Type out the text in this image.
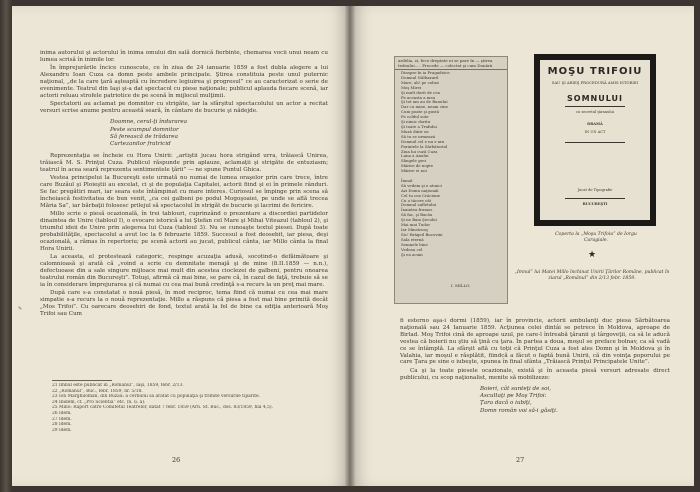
inima autorului şi actorului în inima omului din sală dornică fierbinte, chemarea vocii unui neam cu lumea scrisă în inimile lor.

În împrejurările încice cunoscute, ce în ziua de 24 ianuarie 1859 a fost dubla alegere a lui Alexandru Ioan Cuza ca domn peste ambele principate. Ştirea constituia peste unul puternic naţional, „de la care ţară aşteaptă cu încredere legiuirea şi progresul” ce au caracterizat o serie de evenimente. Teatrul din Iaşi şi-a dat spectacol cu piese naţionale; publicul aplauda fiecare scenă, iar actorii reluau strofele patriotice de pe scenă în mijlocul mulţimii.

Spectatorii au aclamat pe domnitor cu strigăte, iar la sfârşitul spectacolului un actor a recitat versuri scrise anume pentru această seară, în cântare de bucurie şi nădejde.

Doamne, cerul-ţi îndurarea
Peste scumpul domnitor
Să ferească de trădarea
Curtezanilor fratricid

Reprezentaţia se încheie cu Hora Unirii: „artiştii jucau hora strigând urra, trăiască Unirea, trăiască M. S. Prinţul Cuza. Publicul răspunde prin aplauze, aclamaţii şi strigăte de entuziasm; teatrul în acea seară reprezenta sentimentele ţării” — ne spune Puntul Ghica.

Vestea principelui la Bucureşti este urmată nu numai de lumea oraşelor prin care trece, între care Buzăul şi Ploieştii au excelat, ci şi de populaţia Capitalei, actorii fiind şi ei în primele rânduri. Se fac pregătiri mari, iar seara este întâmpinat cu mare interes. Curiosul se împinge prin scena să încheiască festivitatea de bun venit, „ca cei galbeni pe podul Mogoşoaiei, pe unde se află trecea Măria Sa”, iar bărbaţii folosesc prilejul să spectacolul în strigăt de bucurie şi lacrimi de fericire.

Millo scrie o piesă ocazională, în trei tablouri, cuprinzând o prezentare a discordiei partidelor dinaintea de Unire (tabloul I), o evocare istorică a lui Ştefan cel Mare şi Mihai Viteazul (tabloul 2), şi triumful ideii de Unire prin alegerea lui Cuza (tabloul 3). Nu se cunoaşte textul piesei. După toate probabilităţile, spectacolul a avut loc la 6 februarie 1859. Succesul a fost deosebit, iar piesa, deşi ocazională, a rămas în repertoriu; pe scenă actorii au jucat, publicul cânta, iar Millo cânta la final Hora Unirii.

La aceasta, el protestează categoric, respinge acuzaţia adusă, socotind-o defăimătoare şi calomnioasă şi arată că „voind a scrie cu demnitate menajă şi de mine (8.II.1859 — n.n.), defectuoase din a sale singure mijloace mai mult din acestea cioclezei de galbeni, pentru onoarea teatrului român din Bucureşti”. Totuşi, afirmă că mai bine, se pare că, în cazul de faţă, trebuie să se ia în considerare împrejurarea şi că numai cu cea mai bună credinţă s-a recurs la un preţ mai mare.

După care s-a constatat o nouă piesă, în mod reciproc, tema fiind că numai cu cea mai mare simpatie s-a recurs la o nouă reprezentaţie. Millo a răspuns că piesa a fost mai bine primită decât „Mos Trifoi”. Cu oarecare deosebiri de fond, textul arată la fel de bine ca ediţia anterioară Moş Trifoi sau Cum

21 Imnul este publicat în „Românul”, Iaşi, 1859, febr. 2/13.
22 „Românul”, Buc., febr. 1859, nr. 5/18.
23 Ion Marghiloman, din Buzău: a cerbului să arătat cu populaţia şi trimite versurile tipărite.
24 Ibidem, cf. „Pro Scientia” etc. (n. u. a).
25 Millo: Raport către Comitetul Teatrelor, datat 7 febr. 1859 (Arh. St. Buc., dos. 83/1859, fila 4,5).
26 Idem.
27 Idem.
28 Idem.
29 Idem.
26
✎
27
ardelia, zi, fece dreptate ni se pare în — ştirea tedeului..... Procede — colectat şi cum Dunării
Dinspre în ia Pragadeice
Domnul Nălbaxuril
Mare, ah! pe cobze
Moş Mirei
Şi mult dorit de cea
Pe aceasta a mea
Şi tot am au de Bunului
Dar cu mine, neam cine
Cum poate şi gustă
Pe coldul sute
Şi nimic doritu
Şi toate a Trufului
Muză dintr ea
Să tu se urmează
Domnul cel e nu s-aru
Parintele la Sărbătoriul
Ziua lui cuză Cuza
Luna a Anului
Sângele grei
Mărire de nopte
Mărire ei noi

Îmnul
Să vedem şi e atunci
Azi Domn naţionali
Cel tu cea Crăciune
Cu o tăcere cât
Domnul sufletului
Înaintea frumos
Să fac, şi Bacău
Şi ne Baia Şecului
Mai mai Tudor
Iar Minstruoş
Sic! Brăgeil Bucovini
Sala eternă
Semnele bine
Vedeau cel
Şi ea acum
I. MILLO.
MOŞU TRIFOIU
SAU ŞI ARIEŞ PROCEDURĂ AMIS ISTORIEI
SOMNULUI
cu secretul ţăranului
DRAMĂ
IN UN ACT
Jucat de Tipografie
BUCUREŞTI
Coperta la „Moşu Trifoiu” de Iorgu Caragiale.
★
„Imnul” lui Matei Millo închinat Unirii Ţărilor Române, publicat în ziarul „Românul” din 2/13 febr. 1859.

fi esterno aşa-i dormi (1859), iar în provincie, actorii ambulanţi duc piesa Sărbătoarea naţională sau 24 Ianuarie 1859. Acţiunea celei dintâi se petrece în Moldova, aproape de Birlad. Moş Trifoi cină de aproape uzul, pe care-l întreabă ţăranii şi târgoveţii, ca să le aducă vestea că boierii nu ştiu să ţină cu ţara. În partea a doua, moşul se preface bolnav, ca să vadă ce se întâmplă. La sfârşit află cu toţii că Prinţul Cuza a fost ales Domn şi în Moldova şi în Valahia, iar moşul e răsplătit, fiindcă a făcut o faptă bună Unirii, că din voinţa poporului pe care Ţara pe sine o iubeşte, spunea în final sfânta „Trăiască Prinţul Principatele Unite”.

Ca şi la toate piesele ocazionale, există şi în aceasta piesă versuri adresate direct publicului, cu scop naţionalist, menite să mobilizeze:

Boieri, cât sunteţi de soi,
Ascultaţi pe Moş Trifoi:
Ţara dacă o iubiţi,
Domn român voi să-i găsiţi.
